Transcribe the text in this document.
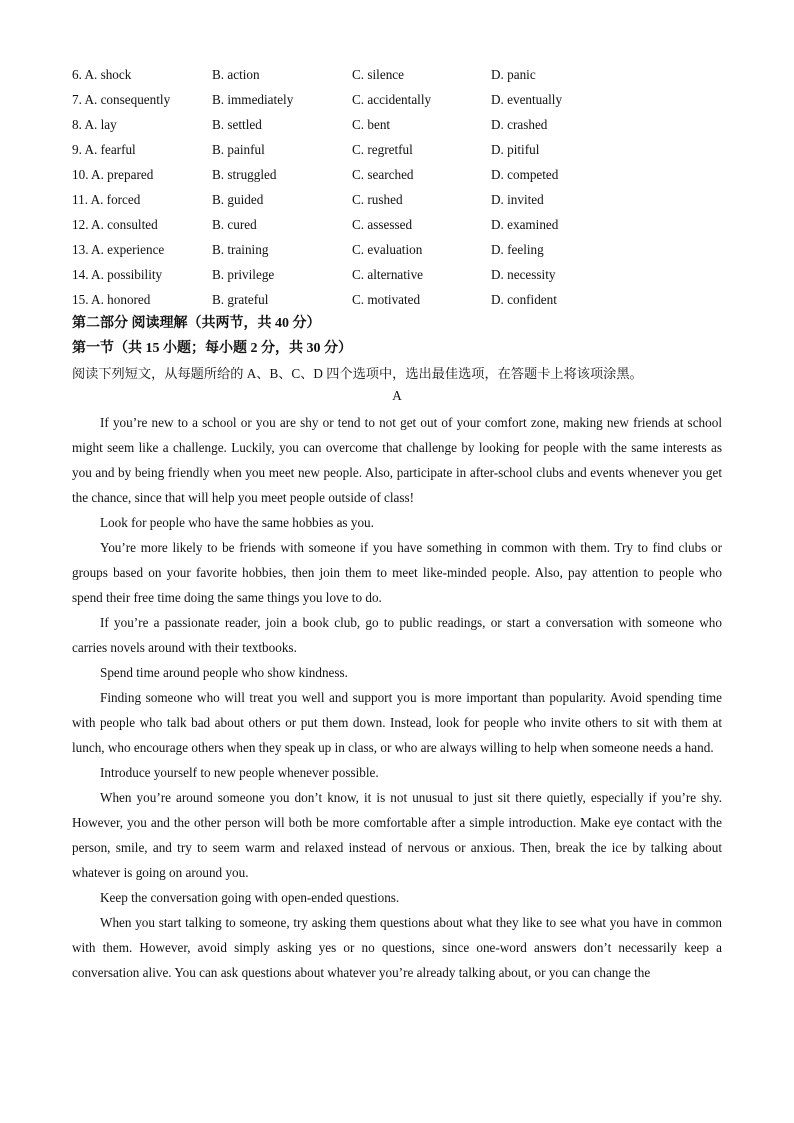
6. A. shock	B. action	C. silence	D. panic
7. A. consequently	B. immediately	C. accidentally	D. eventually
8. A. lay	B. settled	C. bent	D. crashed
9. A. fearful	B. painful	C. regretful	D. pitiful
10. A. prepared	B. struggled	C. searched	D. competed
11. A. forced	B. guided	C. rushed	D. invited
12. A. consulted	B. cured	C. assessed	D. examined
13. A. experience	B. training	C. evaluation	D. feeling
14. A. possibility	B. privilege	C. alternative	D. necessity
15. A. honored	B. grateful	C. motivated	D. confident
第二部分 阅读理解（共两节，共 40 分）
第一节（共 15 小题；每小题 2 分，共 30 分）
阅读下列短文，从每题所给的 A、B、C、D 四个选项中，选出最佳选项，在答题卡上将该项涂黑。
A

If you’re new to a school or you are shy or tend to not get out of your comfort zone, making new friends at school might seem like a challenge. Luckily, you can overcome that challenge by looking for people with the same interests as you and by being friendly when you meet new people. Also, participate in after-school clubs and events whenever you get the chance, since that will help you meet people outside of class!

Look for people who have the same hobbies as you.

You’re more likely to be friends with someone if you have something in common with them. Try to find clubs or groups based on your favorite hobbies, then join them to meet like-minded people. Also, pay attention to people who spend their free time doing the same things you love to do.

If you’re a passionate reader, join a book club, go to public readings, or start a conversation with someone who carries novels around with their textbooks.

Spend time around people who show kindness.

Finding someone who will treat you well and support you is more important than popularity. Avoid spending time with people who talk bad about others or put them down. Instead, look for people who invite others to sit with them at lunch, who encourage others when they speak up in class, or who are always willing to help when someone needs a hand.

Introduce yourself to new people whenever possible.

When you’re around someone you don’t know, it is not unusual to just sit there quietly, especially if you’re shy. However, you and the other person will both be more comfortable after a simple introduction. Make eye contact with the person, smile, and try to seem warm and relaxed instead of nervous or anxious. Then, break the ice by talking about whatever is going on around you.

Keep the conversation going with open-ended questions.

When you start talking to someone, try asking them questions about what they like to see what you have in common with them. However, avoid simply asking yes or no questions, since one-word answers don’t necessarily keep a conversation alive. You can ask questions about whatever you’re already talking about, or you can change the
